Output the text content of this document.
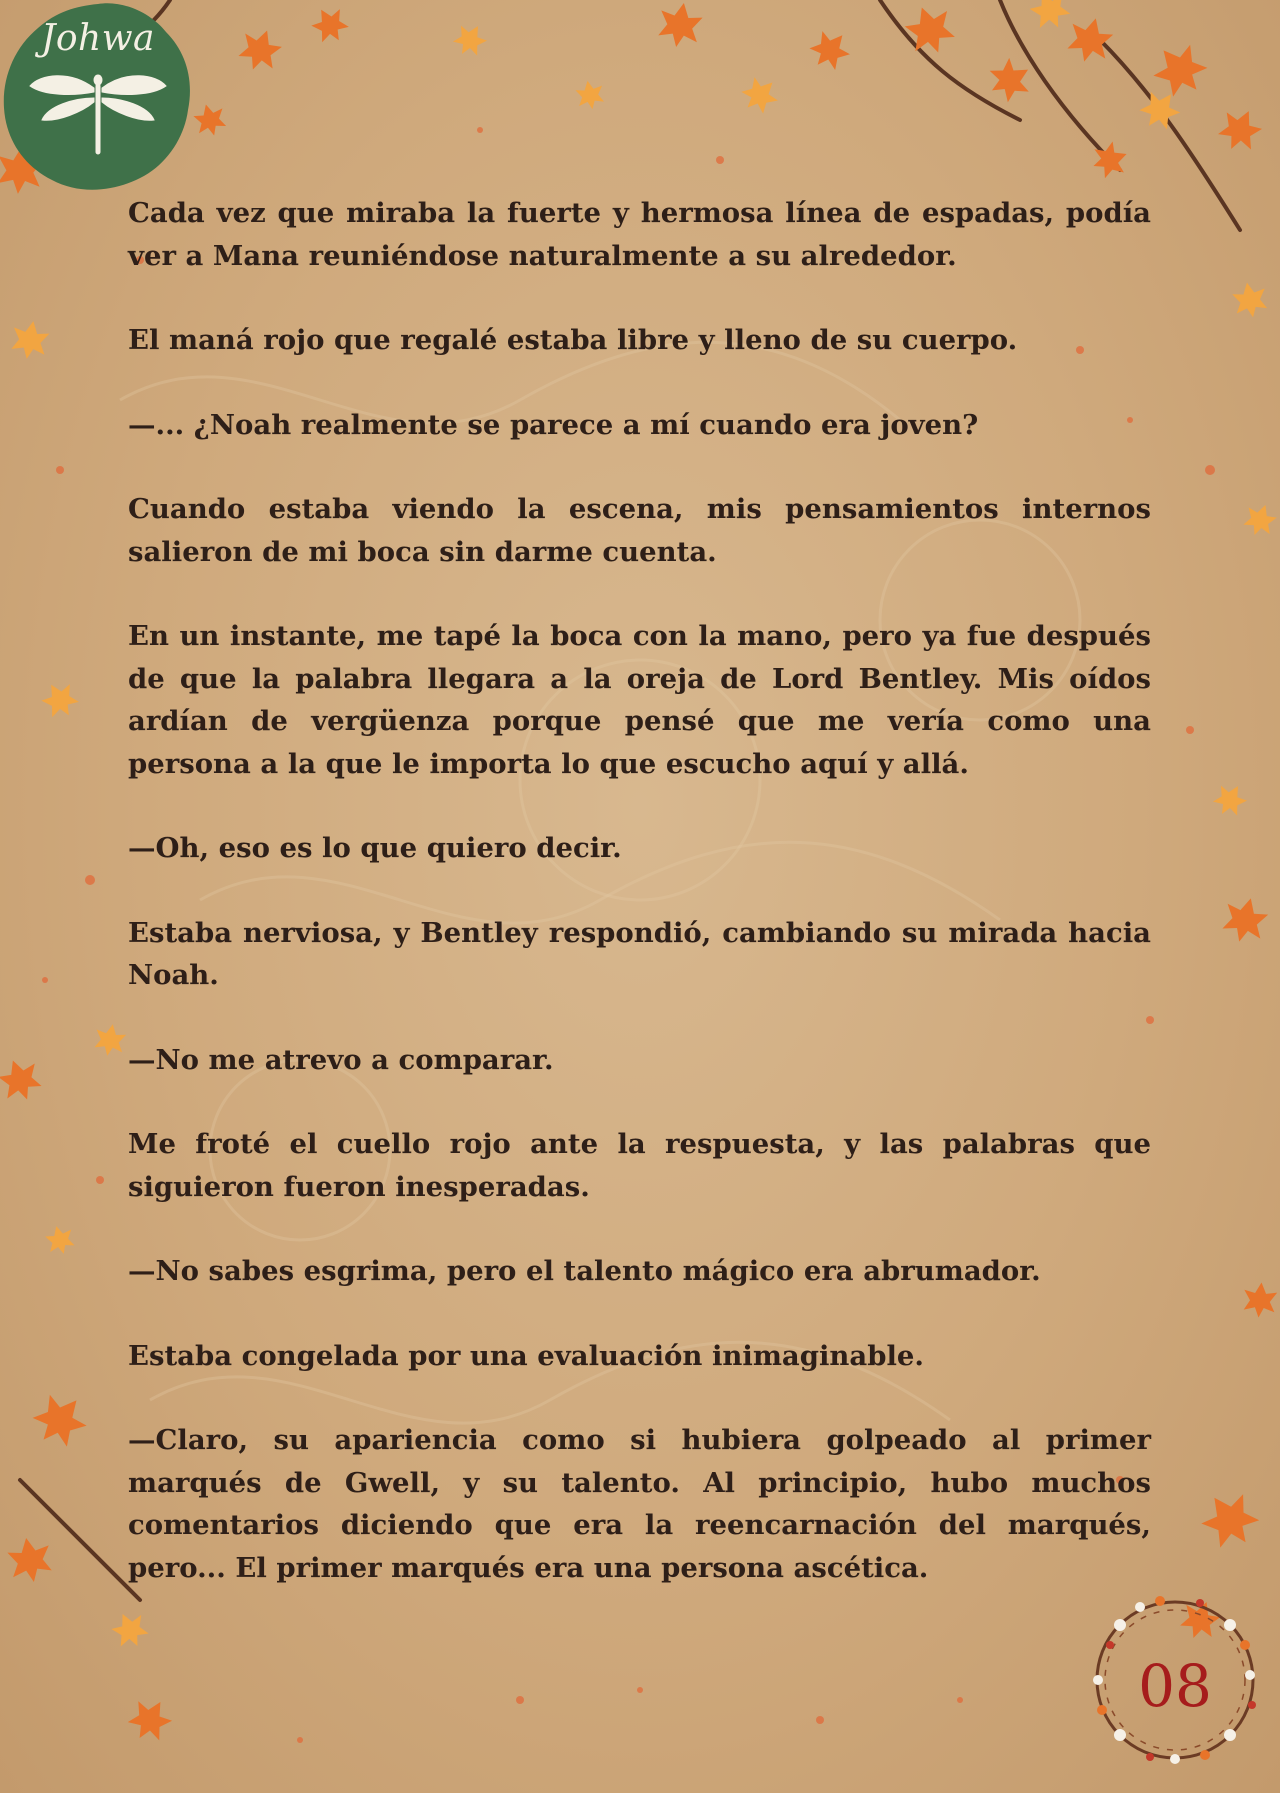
Johwa

Cada vez que miraba la fuerte y hermosa línea de espadas, podía ver a Mana reuniéndose naturalmente a su alrededor.

El maná rojo que regalé estaba libre y lleno de su cuerpo.

—... ¿Noah realmente se parece a mí cuando era joven?

Cuando estaba viendo la escena, mis pensamientos internos salieron de mi boca sin darme cuenta.

En un instante, me tapé la boca con la mano, pero ya fue después de que la palabra llegara a la oreja de Lord Bentley. Mis oídos ardían de vergüenza porque pensé que me vería como una persona a la que le importa lo que escucho aquí y allá.

—Oh, eso es lo que quiero decir.

Estaba nerviosa, y Bentley respondió, cambiando su mirada hacia Noah.

—No me atrevo a comparar.

Me froté el cuello rojo ante la respuesta, y las palabras que siguieron fueron inesperadas.

—No sabes esgrima, pero el talento mágico era abrumador.

Estaba congelada por una evaluación inimaginable.

—Claro, su apariencia como si hubiera golpeado al primer marqués de Gwell, y su talento. Al principio, hubo muchos comentarios diciendo que era la reencarnación del marqués, pero... El primer marqués era una persona ascética.

08
